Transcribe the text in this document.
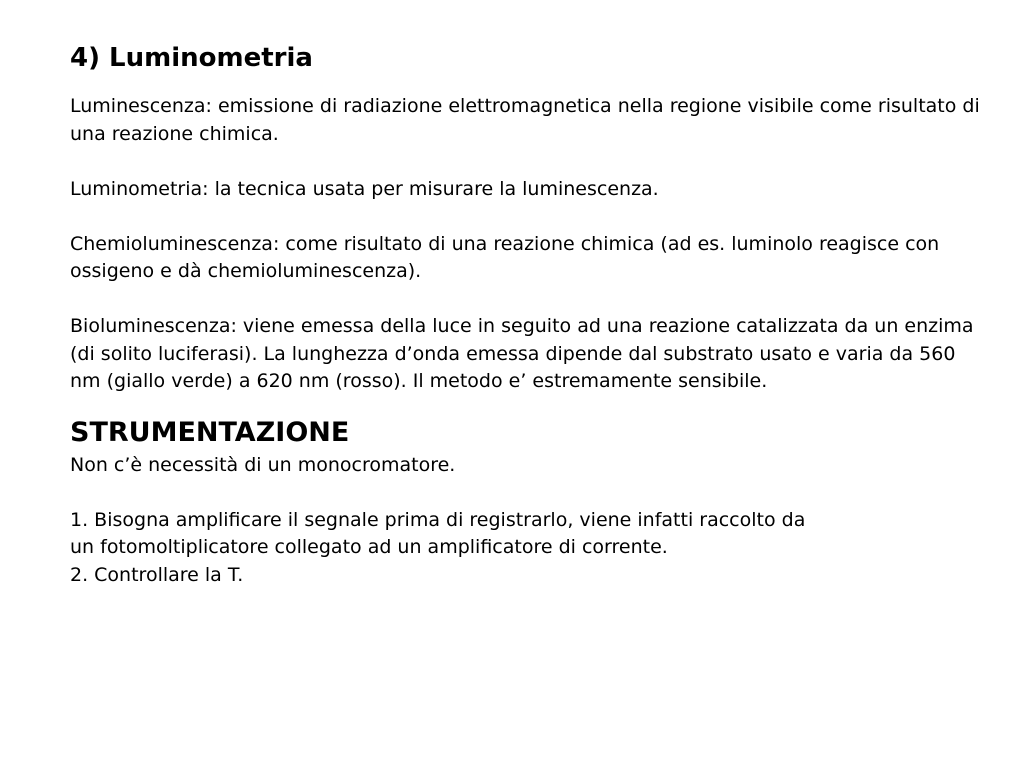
4) Luminometria
Luminescenza: emissione di radiazione elettromagnetica nella regione visibile come risultato di una reazione chimica.
Luminometria: la tecnica usata per misurare la luminescenza.
Chemioluminescenza: come risultato di una reazione chimica (ad es. luminolo reagisce con ossigeno e dà chemioluminescenza).
Bioluminescenza: viene emessa della luce in seguito ad una reazione catalizzata da un enzima (di solito luciferasi). La lunghezza d’onda emessa dipende dal substrato usato e varia da 560 nm (giallo verde) a 620 nm (rosso). Il metodo e’ estremamente sensibile.
STRUMENTAZIONE
Non c’è necessità di un monocromatore.
1. Bisogna amplificare il segnale prima di registrarlo, viene infatti raccolto da
un fotomoltiplicatore collegato ad un amplificatore di corrente.
2. Controllare la T.
